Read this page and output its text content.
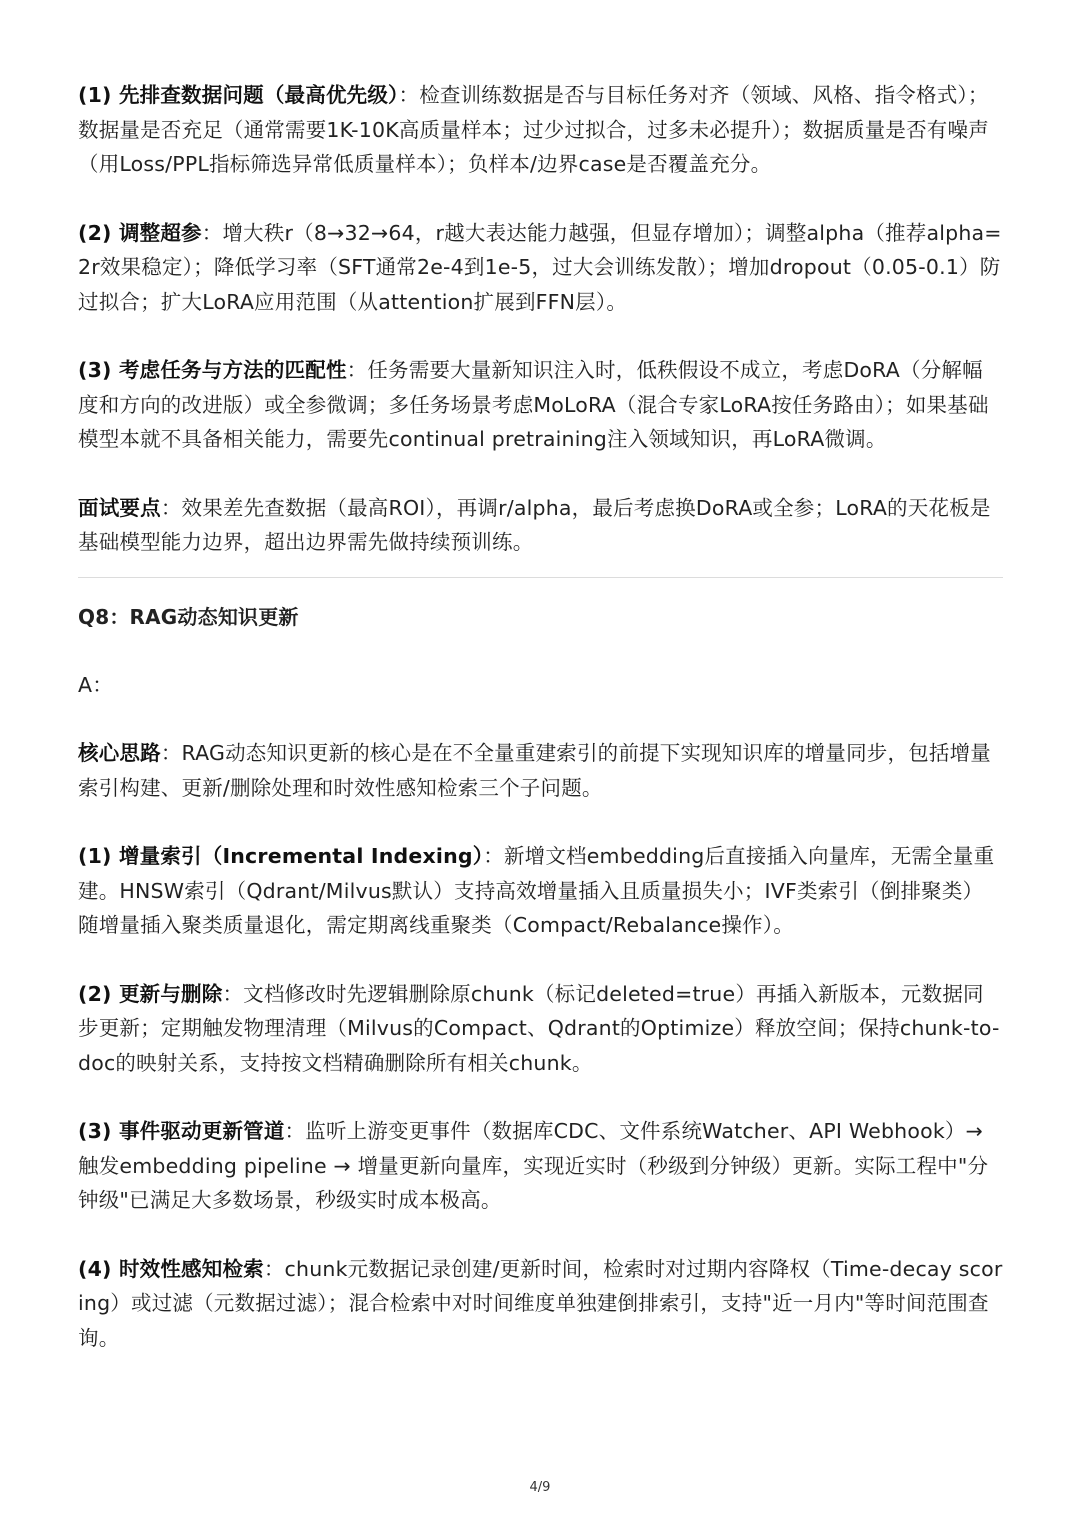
(1) 先排查数据问题（最高优先级）：检查训练数据是否与目标任务对齐（领域、风格、指令格式）；数据量是否充足（通常需要1K-10K高质量样本；过少过拟合，过多未必提升）；数据质量是否有噪声（用Loss/PPL指标筛选异常低质量样本）；负样本/边界case是否覆盖充分。

(2) 调整超参：增大秩r（8→32→64，r越大表达能力越强，但显存增加）；调整alpha（推荐alpha=2r效果稳定）；降低学习率（SFT通常2e-4到1e-5，过大会训练发散）；增加dropout（0.05-0.1）防过拟合；扩大LoRA应用范围（从attention扩展到FFN层）。

(3) 考虑任务与方法的匹配性：任务需要大量新知识注入时，低秩假设不成立，考虑DoRA（分解幅度和方向的改进版）或全参微调；多任务场景考虑MoLoRA（混合专家LoRA按任务路由）；如果基础模型本就不具备相关能力，需要先continual pretraining注入领域知识，再LoRA微调。

面试要点：效果差先查数据（最高ROI），再调r/alpha，最后考虑换DoRA或全参；LoRA的天花板是基础模型能力边界，超出边界需先做持续预训练。

Q8：RAG动态知识更新

A：

核心思路：RAG动态知识更新的核心是在不全量重建索引的前提下实现知识库的增量同步，包括增量索引构建、更新/删除处理和时效性感知检索三个子问题。

(1) 增量索引（Incremental Indexing）：新增文档embedding后直接插入向量库，无需全量重建。HNSW索引（Qdrant/Milvus默认）支持高效增量插入且质量损失小；IVF类索引（倒排聚类）随增量插入聚类质量退化，需定期离线重聚类（Compact/Rebalance操作）。

(2) 更新与删除：文档修改时先逻辑删除原chunk（标记deleted=true）再插入新版本，元数据同步更新；定期触发物理清理（Milvus的Compact、Qdrant的Optimize）释放空间；保持chunk-to-doc的映射关系，支持按文档精确删除所有相关chunk。

(3) 事件驱动更新管道：监听上游变更事件（数据库CDC、文件系统Watcher、API Webhook）→ 触发embedding pipeline → 增量更新向量库，实现近实时（秒级到分钟级）更新。实际工程中"分钟级"已满足大多数场景，秒级实时成本极高。

(4) 时效性感知检索：chunk元数据记录创建/更新时间，检索时对过期内容降权（Time-decay scoring）或过滤（元数据过滤）；混合检索中对时间维度单独建倒排索引，支持"近一月内"等时间范围查询。

4/9
